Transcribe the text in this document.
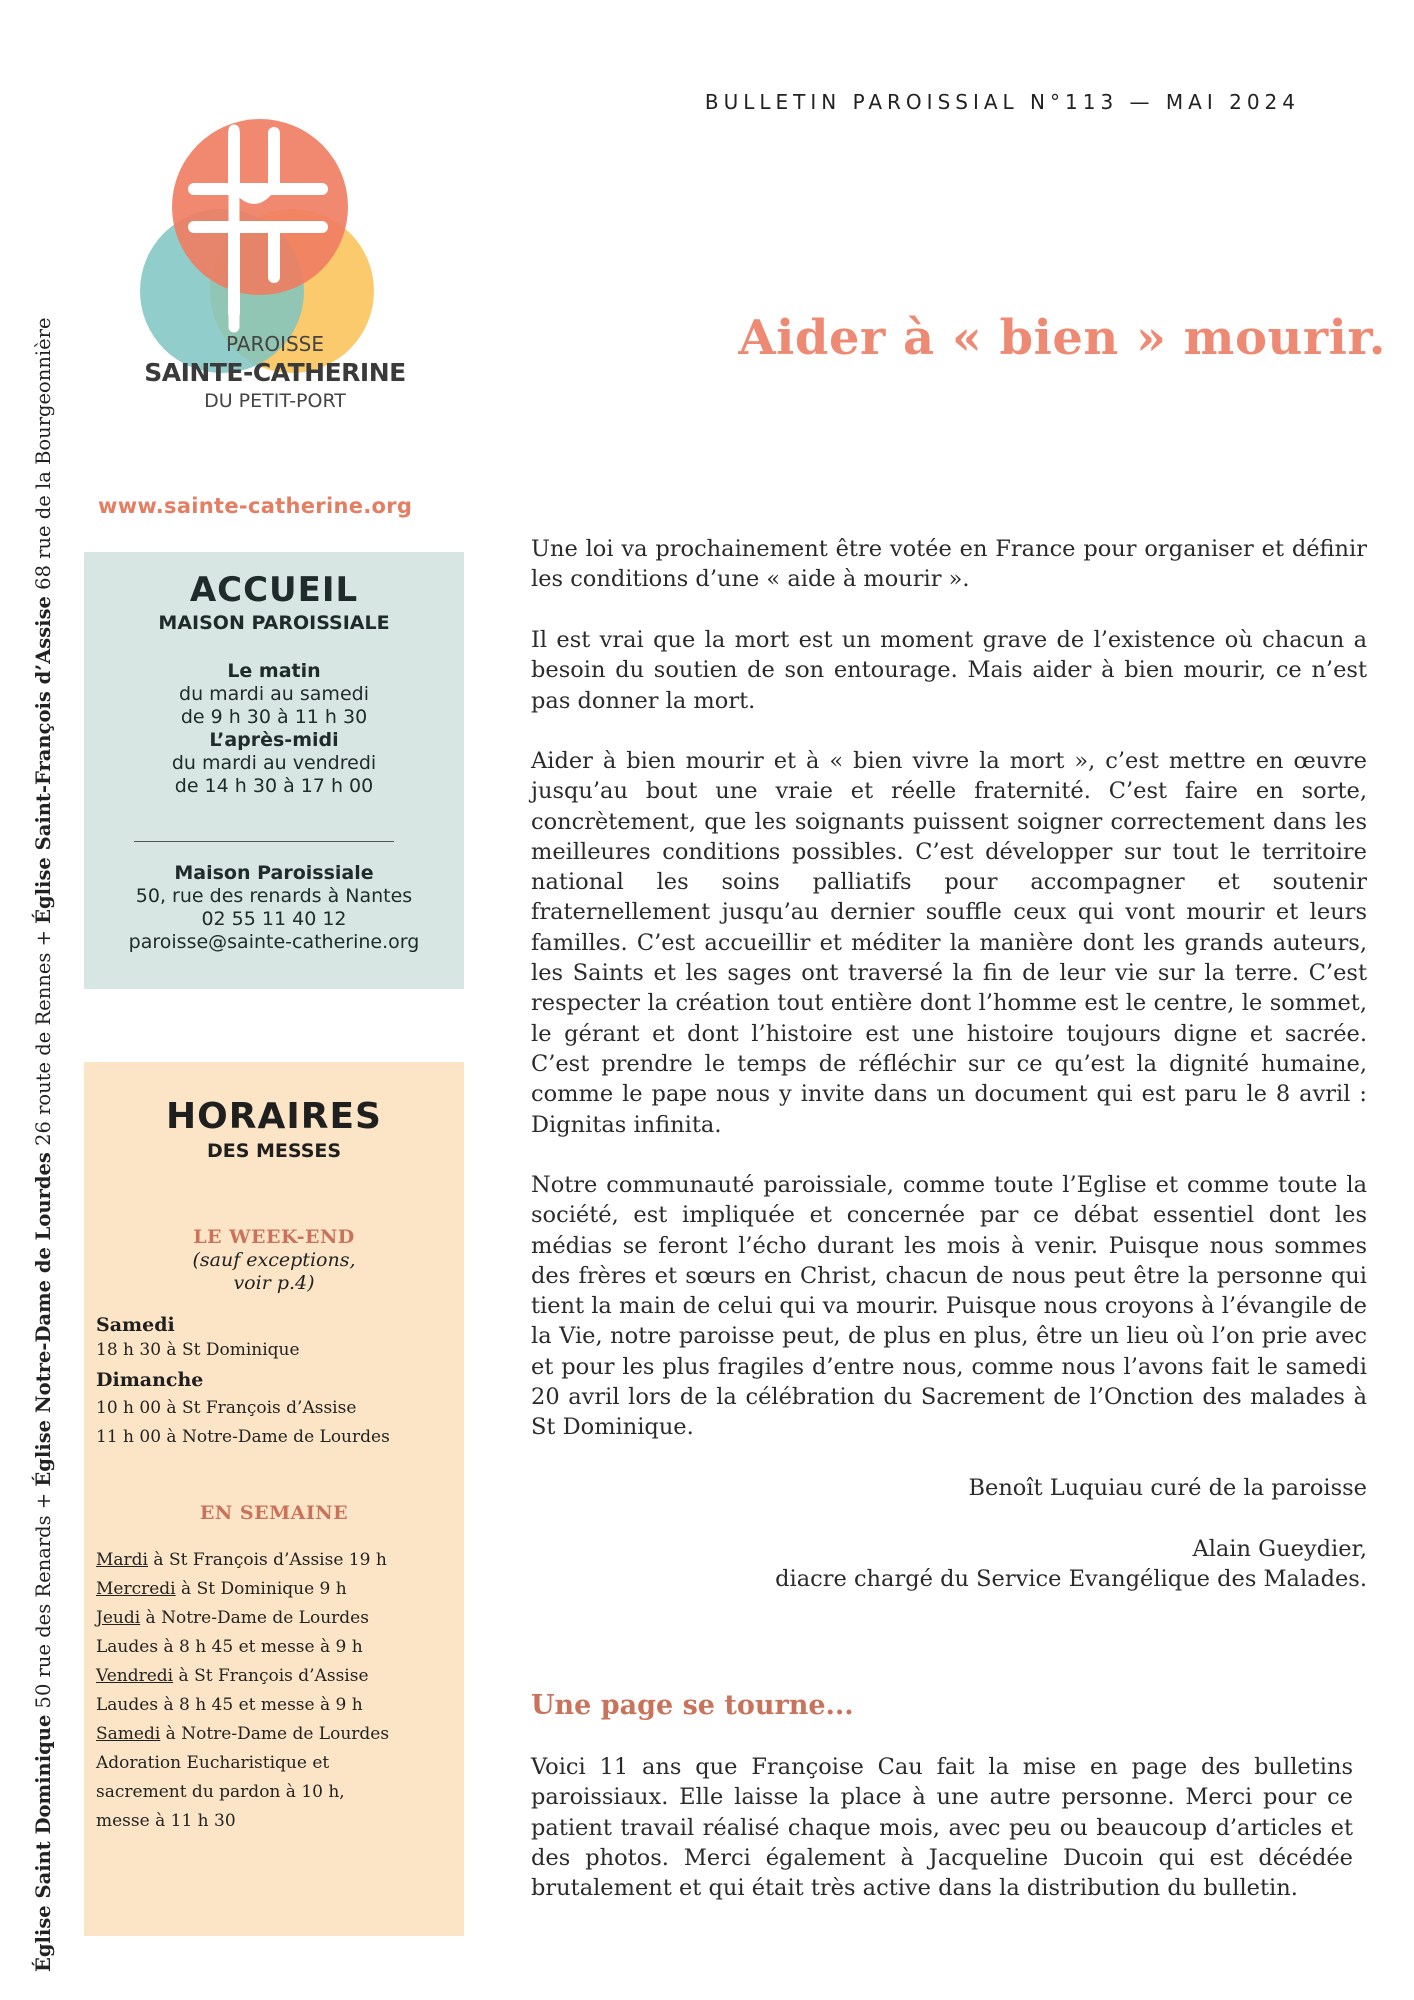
Église Saint Dominique 50 rue des Renards + Église Notre-Dame de Lourdes 26 route de Rennes + Église Saint-François d’Assise 68 rue de la Bourgeonnière
BULLETIN PAROISSIAL N°113 — MAI 2024
PAROISSE
SAINTE-CATHERINE
DU PETIT-PORT
www.sainte-catherine.org
ACCUEIL
MAISON PAROISSIALE
Le matin
du mardi au samedi
de 9 h 30 à 11 h 30
L’après-midi
du mardi au vendredi
de 14 h 30 à 17 h 00
Maison Paroissiale
50, rue des renards à Nantes
02 55 11 40 12
paroisse@sainte-catherine.org
HORAIRES
DES MESSES
LE WEEK-END
(sauf exceptions,
voir p.4)
Samedi
18 h 30 à St Dominique
Dimanche
10 h 00 à St François d’Assise
11 h 00 à Notre-Dame de Lourdes
EN SEMAINE
Mardi à St François d’Assise 19 h
Mercredi à St Dominique 9 h
Jeudi à Notre-Dame de Lourdes
Laudes à 8 h 45 et messe à 9 h
Vendredi à St François d’Assise
Laudes à 8 h 45 et messe à 9 h
Samedi à Notre-Dame de Lourdes
Adoration Eucharistique et
sacrement du pardon à 10 h,
messe à 11 h 30
Aider à « bien » mourir.
Une loi va prochainement être votée en France pour organiser et définir les conditions d’une « aide à mourir ».
Il est vrai que la mort est un moment grave de l’existence où chacun a besoin du soutien de son entourage. Mais aider à bien mourir, ce n’est pas donner la mort.
Aider à bien mourir et à « bien vivre la mort », c’est mettre en œuvre jusqu’au bout une vraie et réelle fraternité. C’est faire en sorte, concrètement, que les soignants puissent soigner correctement dans les meilleures conditions possibles. C’est développer sur tout le territoire national les soins palliatifs pour accompagner et soutenir fraternellement jusqu’au dernier souffle ceux qui vont mourir et leurs familles. C’est accueillir et méditer la manière dont les grands auteurs, les Saints et les sages ont traversé la fin de leur vie sur la terre. C’est respecter la création tout entière dont l’homme est le centre, le sommet, le gérant et dont l’histoire est une histoire toujours digne et sacrée. C’est prendre le temps de réfléchir sur ce qu’est la dignité humaine, comme le pape nous y invite dans un document qui est paru le 8 avril : Dignitas infinita.
Notre communauté paroissiale, comme toute l’Eglise et comme toute la société, est impliquée et concernée par ce débat essentiel dont les médias se feront l’écho durant les mois à venir. Puisque nous sommes des frères et sœurs en Christ, chacun de nous peut être la personne qui tient la main de celui qui va mourir. Puisque nous croyons à l’évangile de la Vie, notre paroisse peut, de plus en plus, être un lieu où l’on prie avec et pour les plus fragiles d’entre nous, comme nous l’avons fait le samedi 20 avril lors de la célébration du Sacrement de l’Onction des malades à St Dominique.
Benoît Luquiau curé de la paroisse
Alain Gueydier,
diacre chargé du Service Evangélique des Malades.
Une page se tourne...
Voici 11 ans que Françoise Cau fait la mise en page des bulletins paroissiaux. Elle laisse la place à une autre personne. Merci pour ce patient travail réalisé chaque mois, avec peu ou beaucoup d’articles et des photos. Merci également à Jacqueline Ducoin qui est décédée brutalement et qui était très active dans la distribution du bulletin.
